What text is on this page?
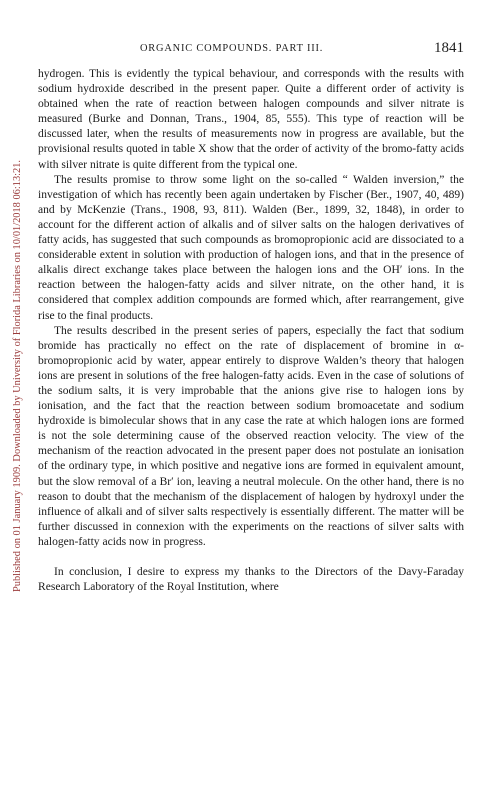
Published on 01 January 1909. Downloaded by University of Florida Libraries on 10/01/2018 06:13:21.
ORGANIC COMPOUNDS. PART III.	1841

hydrogen. This is evidently the typical behaviour, and corresponds with the results with sodium hydroxide described in the present paper. Quite a different order of activity is obtained when the rate of reaction between halogen compounds and silver nitrate is measured (Burke and Donnan, Trans., 1904, 85, 555). This type of reaction will be discussed later, when the results of measurements now in progress are available, but the provisional results quoted in table X show that the order of activity of the bromo-fatty acids with silver nitrate is quite different from the typical one.

The results promise to throw some light on the so-called “ Walden inversion,” the investigation of which has recently been again undertaken by Fischer (Ber., 1907, 40, 489) and by McKenzie (Trans., 1908, 93, 811). Walden (Ber., 1899, 32, 1848), in order to account for the different action of alkalis and of silver salts on the halogen derivatives of fatty acids, has suggested that such compounds as bromopropionic acid are dissociated to a considerable extent in solution with production of halogen ions, and that in the presence of alkalis direct exchange takes place between the halogen ions and the OH′ ions. In the reaction between the halogen-fatty acids and silver nitrate, on the other hand, it is considered that complex addition compounds are formed which, after rearrangement, give rise to the final products.

The results described in the present series of papers, especially the fact that sodium bromide has practically no effect on the rate of displacement of bromine in α-bromopropionic acid by water, appear entirely to disprove Walden’s theory that halogen ions are present in solutions of the free halogen-fatty acids. Even in the case of solutions of the sodium salts, it is very improbable that the anions give rise to halogen ions by ionisation, and the fact that the reaction between sodium bromoacetate and sodium hydroxide is bimolecular shows that in any case the rate at which halogen ions are formed is not the sole determining cause of the observed reaction velocity. The view of the mechanism of the reaction advocated in the present paper does not postulate an ionisation of the ordinary type, in which positive and negative ions are formed in equivalent amount, but the slow removal of a Br′ ion, leaving a neutral molecule. On the other hand, there is no reason to doubt that the mechanism of the displacement of halogen by hydroxyl under the influence of alkali and of silver salts respectively is essentially different. The matter will be further discussed in connexion with the experiments on the reactions of silver salts with halogen-fatty acids now in progress.

In conclusion, I desire to express my thanks to the Directors of the Davy-Faraday Research Laboratory of the Royal Institution, where
